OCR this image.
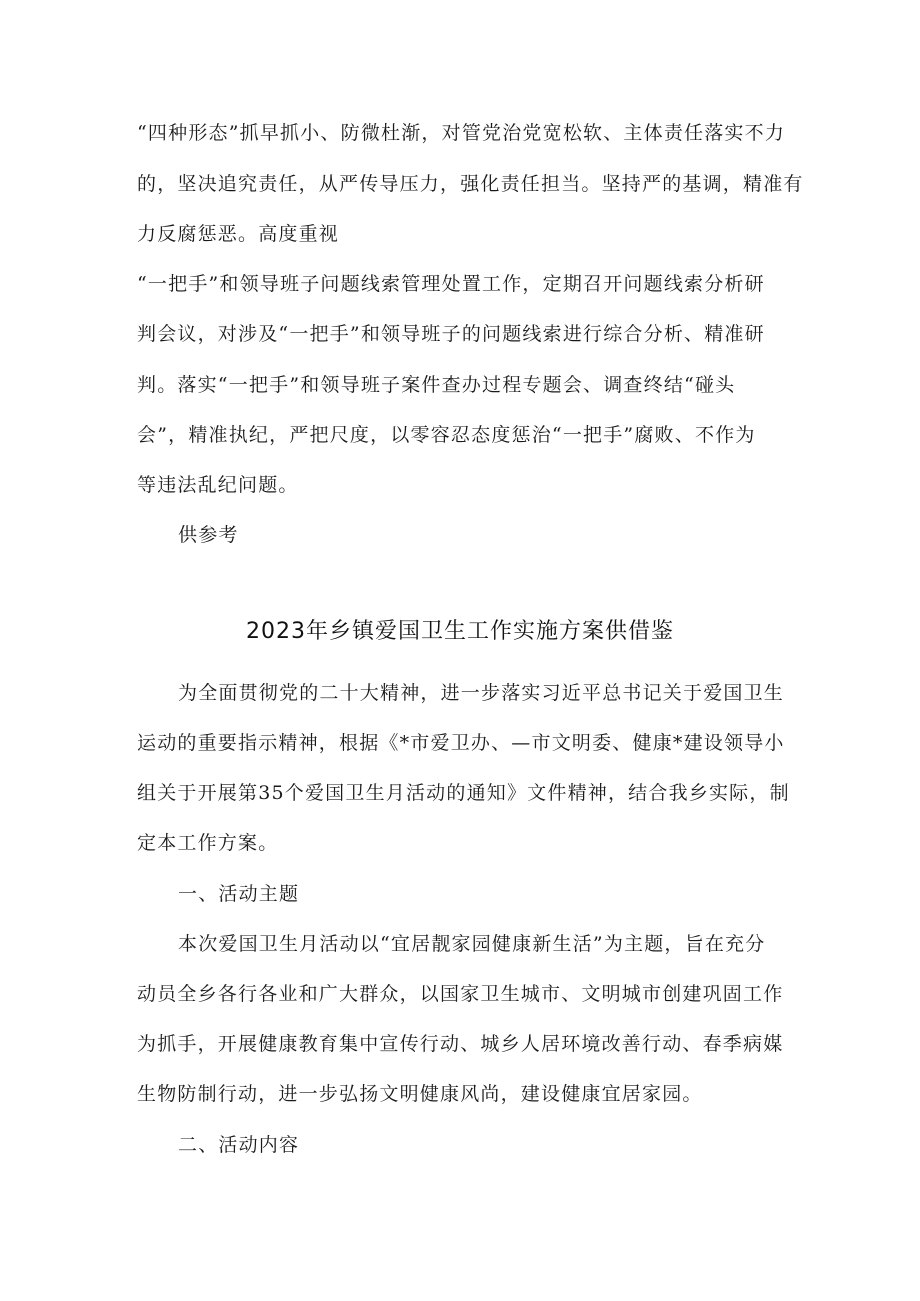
“四种形态”抓早抓小、防微杜渐，对管党治党宽松软、主体责任落实不力
的，坚决追究责任，从严传导压力，强化责任担当。坚持严的基调，精准有
力反腐惩恶。高度重视
“一把手”和领导班子问题线索管理处置工作，定期召开问题线索分析研
判会议，对涉及“一把手”和领导班子的问题线索进行综合分析、精准研
判。落实“一把手”和领导班子案件查办过程专题会、调查终结“碰头
会”，精准执纪，严把尺度，以零容忍态度惩治“一把手”腐败、不作为
等违法乱纪问题。
供参考
2023年乡镇爱国卫生工作实施方案供借鉴
为全面贯彻党的二十大精神，进一步落实习近平总书记关于爱国卫生
运动的重要指示精神，根据《*市爱卫办、—市文明委、健康*建设领导小
组关于开展第35个爱国卫生月活动的通知》文件精神，结合我乡实际，制
定本工作方案。
一、活动主题
本次爱国卫生月活动以“宜居靓家园健康新生活”为主题，旨在充分
动员全乡各行各业和广大群众，以国家卫生城市、文明城市创建巩固工作
为抓手，开展健康教育集中宣传行动、城乡人居环境改善行动、春季病媒
生物防制行动，进一步弘扬文明健康风尚，建设健康宜居家园。
二、活动内容
